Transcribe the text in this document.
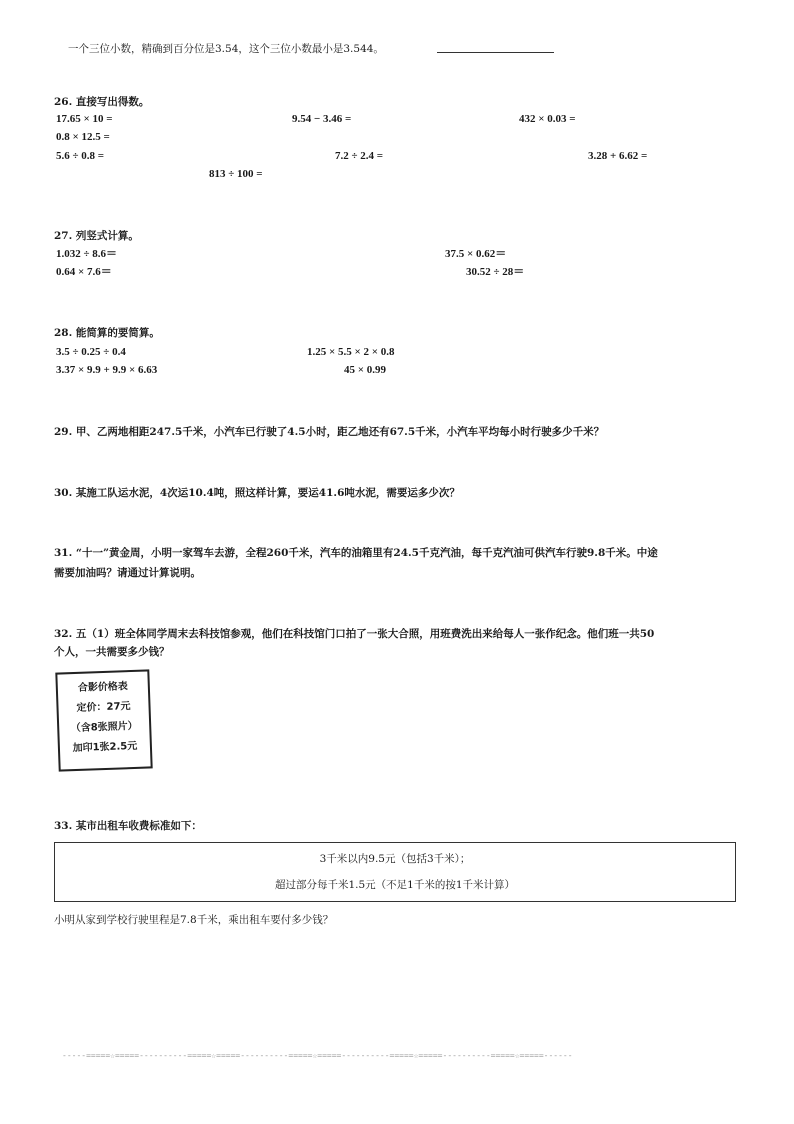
一个三位小数，精确到百分位是3.54，这个三位小数最小是3.544。
26. 直接写出得数。
17.65 × 10 =	9.54 − 3.46 =	432 × 0.03 =
0.8 × 12.5 =
5.6 ÷ 0.8 =	7.2 ÷ 2.4 =	3.28 + 6.62 =
813 ÷ 100 =
27. 列竖式计算。
1.032 ÷ 8.6＝	37.5 × 0.62＝
0.64 × 7.6＝	30.52 ÷ 28＝
28. 能简算的要简算。
3.5 ÷ 0.25 ÷ 0.4	1.25 × 5.5 × 2 × 0.8
3.37 × 9.9 + 9.9 × 6.63	45 × 0.99
29. 甲、乙两地相距247.5千米，小汽车已行驶了4.5小时，距乙地还有67.5千米，小汽车平均每小时行驶多少千米？
30. 某施工队运水泥，4次运10.4吨，照这样计算，要运41.6吨水泥，需要运多少次？
31. “十一”黄金周，小明一家驾车去游，全程260千米，汽车的油箱里有24.5千克汽油，每千克汽油可供汽车行驶9.8千米。中途
需要加油吗？请通过计算说明。
32. 五（1）班全体同学周末去科技馆参观，他们在科技馆门口拍了一张大合照，用班费洗出来给每人一张作纪念。他们班一共50
个人，一共需要多少钱？
合影价格表
定价：27元
（含8张照片）
加印1张2.5元
33. 某市出租车收费标准如下：
3千米以内9.5元（包括3千米）；
超过部分每千米1.5元（不足1千米的按1千米计算）
小明从家到学校行驶里程是7.8千米，乘出租车要付多少钱？
-----=====☆=====----------=====☆=====----------=====☆=====----------=====☆=====----------=====☆=====------
